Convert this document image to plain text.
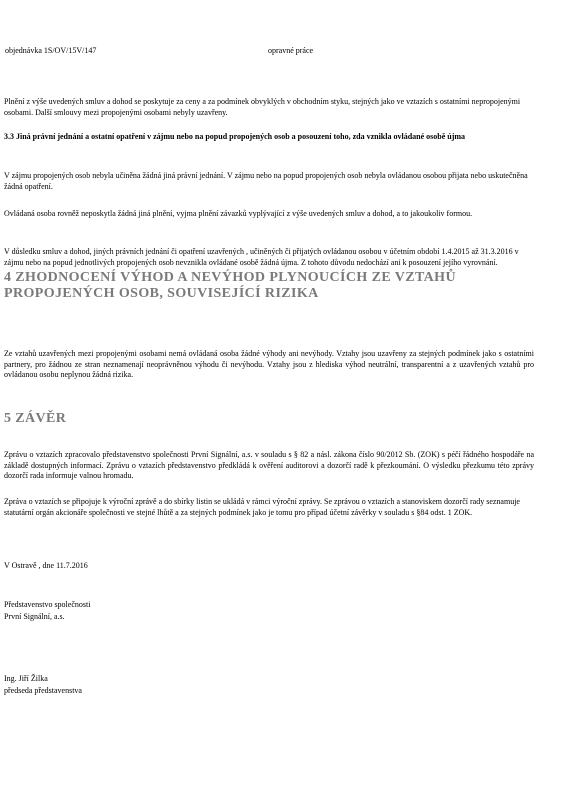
objednávka 1S/OV/15V/147	opravné práce
Plnění z výše uvedených smluv a dohod se poskytuje za ceny a za podmínek obvyklých v obchodním styku, stejných jako ve vztazích s ostatními nepropojenými osobami. Další smlouvy mezi propojenými osobami nebyly uzavřeny.
3.3 Jiná právní jednání a ostatní opatření v zájmu nebo na popud propojených osob a posouzení toho, zda vznikla ovládané osobě újma
V zájmu propojených osob nebyla učiněna žádná jiná právní jednání. V zájmu nebo na popud propojených osob nebyla ovládanou osobou přijata nebo uskutečněna žádná opatření.
Ovládaná osoba rovněž neposkytla žádná jiná plnění, vyjma plnění závazků vyplývající z výše uvedených smluv a dohod, a to jakoukoliv formou.
V důsledku smluv a dohod, jiných právních jednání či opatření uzavřených , učiněných či přijatých ovládanou osobou v účetním období 1.4.2015 až 31.3.2016 v zájmu nebo na popud jednotlivých propojených osob nevznikla ovládané osobě žádná újma. Z tohoto důvodu nedochází ani k posouzení jejího vyrovnání.
4 ZHODNOCENÍ VÝHOD A NEVÝHOD PLYNOUCÍCH ZE VZTAHŮ PROPOJENÝCH OSOB, SOUVISEJÍCÍ RIZIKA
Ze vztahů uzavřených mezi propojenými osobami nemá ovládaná osoba žádné výhody ani nevýhody. Vztahy jsou uzavřeny za stejných podmínek jako s ostatními partnery, pro žádnou ze stran neznamenají neoprávněnou výhodu či nevýhodu. Vztahy jsou z hlediska výhod neutrální, transparentní a z uzavřených vztahů pro ovládanou osobu neplynou žádná rizika.
5 ZÁVĚR
Zprávu o vztazích zpracovalo představenstvo společnosti První Signální, a.s. v souladu s § 82 a násl. zákona číslo 90/2012 Sb. (ZOK) s péčí řádného hospodáře na základě dostupných informací. Zprávu o vztazích představenstvo předkládá k ověření auditorovi a dozorčí radě k přezkoumání. O výsledku přezkumu této zprávy dozorčí rada informuje valnou hromadu.
Zpráva o vztazích se připojuje k výroční zprávě a do sbírky listin se ukládá v rámci výroční zprávy. Se zprávou o vztazích a stanoviskem dozorčí rady seznamuje statutární orgán akcionáře společnosti ve stejné lhůtě a za stejných podmínek jako je tomu pro případ účetní závěrky v souladu s §84 odst. 1 ZOK.
V Ostravě , dne 11.7.2016
Představenstvo společnosti
První Signální, a.s.
Ing. Jiří Žilka
předseda představenstva
